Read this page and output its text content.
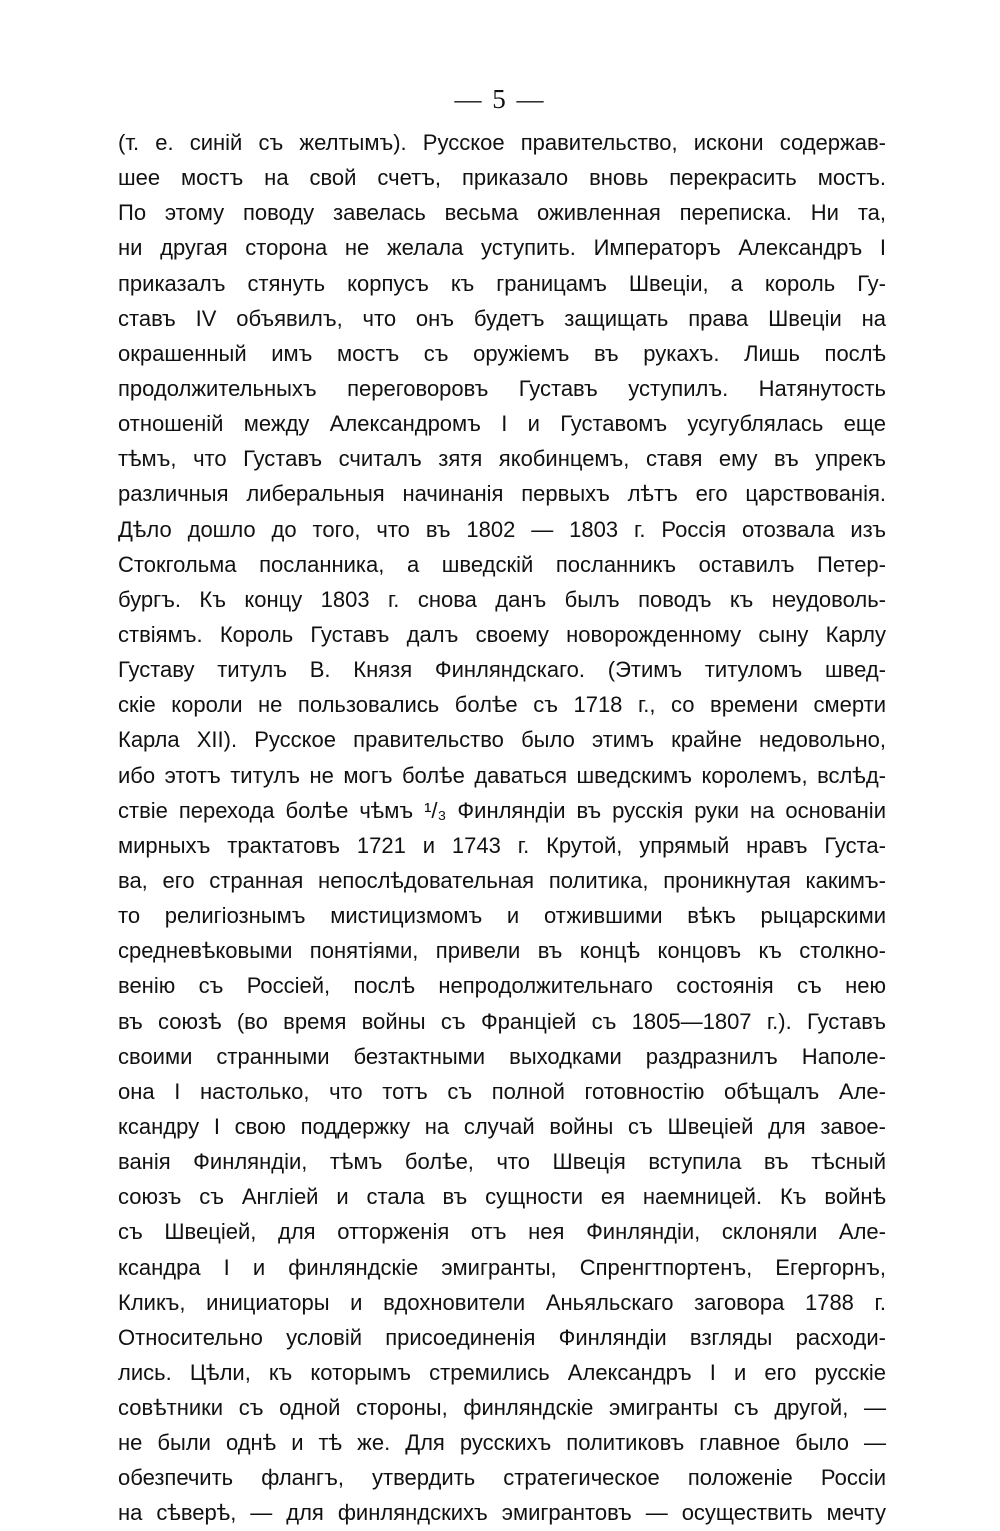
— 5 —
(т. е. синій съ желтымъ). Русское правительство, искони содержав-
шее мостъ на свой счетъ, приказало вновь перекрасить мостъ.
По этому поводу завелась весьма оживленная переписка. Ни та,
ни другая сторона не желала уступить. Императоръ Александръ I
приказалъ стянуть корпусъ къ границамъ Швеціи, а король Гу-
ставъ IV объявилъ, что онъ будетъ защищать права Швеціи на
окрашенный имъ мостъ съ оружіемъ въ рукахъ. Лишь послѣ
продолжительныхъ переговоровъ Густавъ уступилъ. Натянутость
отношеній между Александромъ I и Густавомъ усугублялась еще
тѣмъ, что Густавъ считалъ зятя якобинцемъ, ставя ему въ упрекъ
различныя либеральныя начинанія первыхъ лѣтъ его царствованія.
Дѣло дошло до того, что въ 1802 — 1803 г. Россія отозвала изъ
Стокгольма посланника, а шведскій посланникъ оставилъ Петер-
бургъ. Къ концу 1803 г. снова данъ былъ поводъ къ неудоволь-
ствіямъ. Король Густавъ далъ своему новорожденному сыну Карлу
Густаву титулъ В. Князя Финляндскаго. (Этимъ титуломъ швед-
скіе короли не пользовались болѣе съ 1718 г., со времени смерти
Карла XII). Русское правительство было этимъ крайне недовольно,
ибо этотъ титулъ не могъ болѣе даваться шведскимъ королемъ, вслѣд-
ствіе перехода болѣе чѣмъ ¹/₃ Финляндіи въ русскія руки на основаніи
мирныхъ трактатовъ 1721 и 1743 г. Крутой, упрямый нравъ Густа-
ва, его странная непослѣдовательная политика, проникнутая какимъ-
то религіознымъ мистицизмомъ и отжившими вѣкъ рыцарскими
средневѣковыми понятіями, привели въ концѣ концовъ къ столкно-
венію съ Россіей, послѣ непродолжительнаго состоянія съ нею
въ союзѣ (во время войны съ Франціей съ 1805—1807 г.). Густавъ
своими странными безтактными выходками раздразнилъ Наполе-
она I настолько, что тотъ съ полной готовностію обѣщалъ Але-
ксандру I свою поддержку на случай войны съ Швеціей для завое-
ванія Финляндіи, тѣмъ болѣе, что Швеція вступила въ тѣсный
союзъ съ Англіей и стала въ сущности ея наемницей. Къ войнѣ
съ Швеціей, для отторженія отъ нея Финляндіи, склоняли Але-
ксандра I и финляндскіе эмигранты, Спренгтпортенъ, Егергорнъ,
Кликъ, инициаторы и вдохновители Аньяльскаго заговора 1788 г.
Относительно условій присоединенія Финляндіи взгляды расходи-
лись. Цѣли, къ которымъ стремились Александръ I и его русскіе
совѣтники съ одной стороны, финляндскіе эмигранты съ другой, —
не были однѣ и тѣ же. Для русскихъ политиковъ главное было —
обезпечить флангъ, утвердить стратегическое положеніе Россіи
на сѣверѣ, — для финляндскихъ эмигрантовъ — осуществить мечту
